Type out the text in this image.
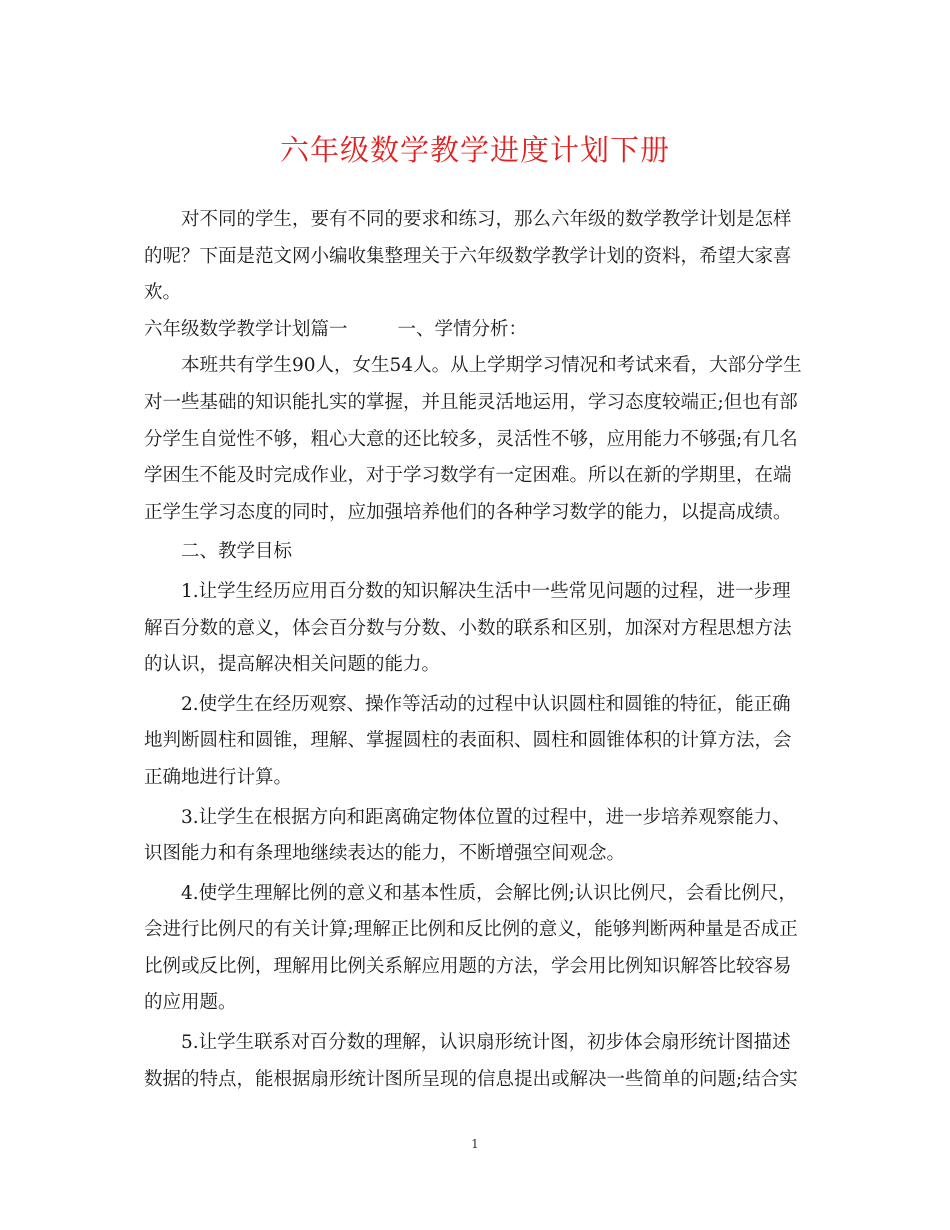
六年级数学教学进度计划下册

对不同的学生，要有不同的要求和练习，那么六年级的数学教学计划是怎样的呢？下面是范文网小编收集整理关于六年级数学教学计划的资料，希望大家喜欢。

六年级数学教学计划篇一	一、学情分析：

本班共有学生90人，女生54人。从上学期学习情况和考试来看，大部分学生对一些基础的知识能扎实的掌握，并且能灵活地运用，学习态度较端正;但也有部分学生自觉性不够，粗心大意的还比较多，灵活性不够，应用能力不够强;有几名学困生不能及时完成作业，对于学习数学有一定困难。所以在新的学期里，在端正学生学习态度的同时，应加强培养他们的各种学习数学的能力，以提高成绩。

二、教学目标

1.让学生经历应用百分数的知识解决生活中一些常见问题的过程，进一步理解百分数的意义，体会百分数与分数、小数的联系和区别，加深对方程思想方法的认识，提高解决相关问题的能力。

2.使学生在经历观察、操作等活动的过程中认识圆柱和圆锥的特征，能正确地判断圆柱和圆锥，理解、掌握圆柱的表面积、圆柱和圆锥体积的计算方法，会正确地进行计算。

3.让学生在根据方向和距离确定物体位置的过程中，进一步培养观察能力、识图能力和有条理地继续表达的能力，不断增强空间观念。

4.使学生理解比例的意义和基本性质，会解比例;认识比例尺，会看比例尺，会进行比例尺的有关计算;理解正比例和反比例的意义，能够判断两种量是否成正比例或反比例，理解用比例关系解应用题的方法，学会用比例知识解答比较容易的应用题。

5.让学生联系对百分数的理解，认识扇形统计图，初步体会扇形统计图描述数据的特点，能根据扇形统计图所呈现的信息提出或解决一些简单的问题;结合实

1
